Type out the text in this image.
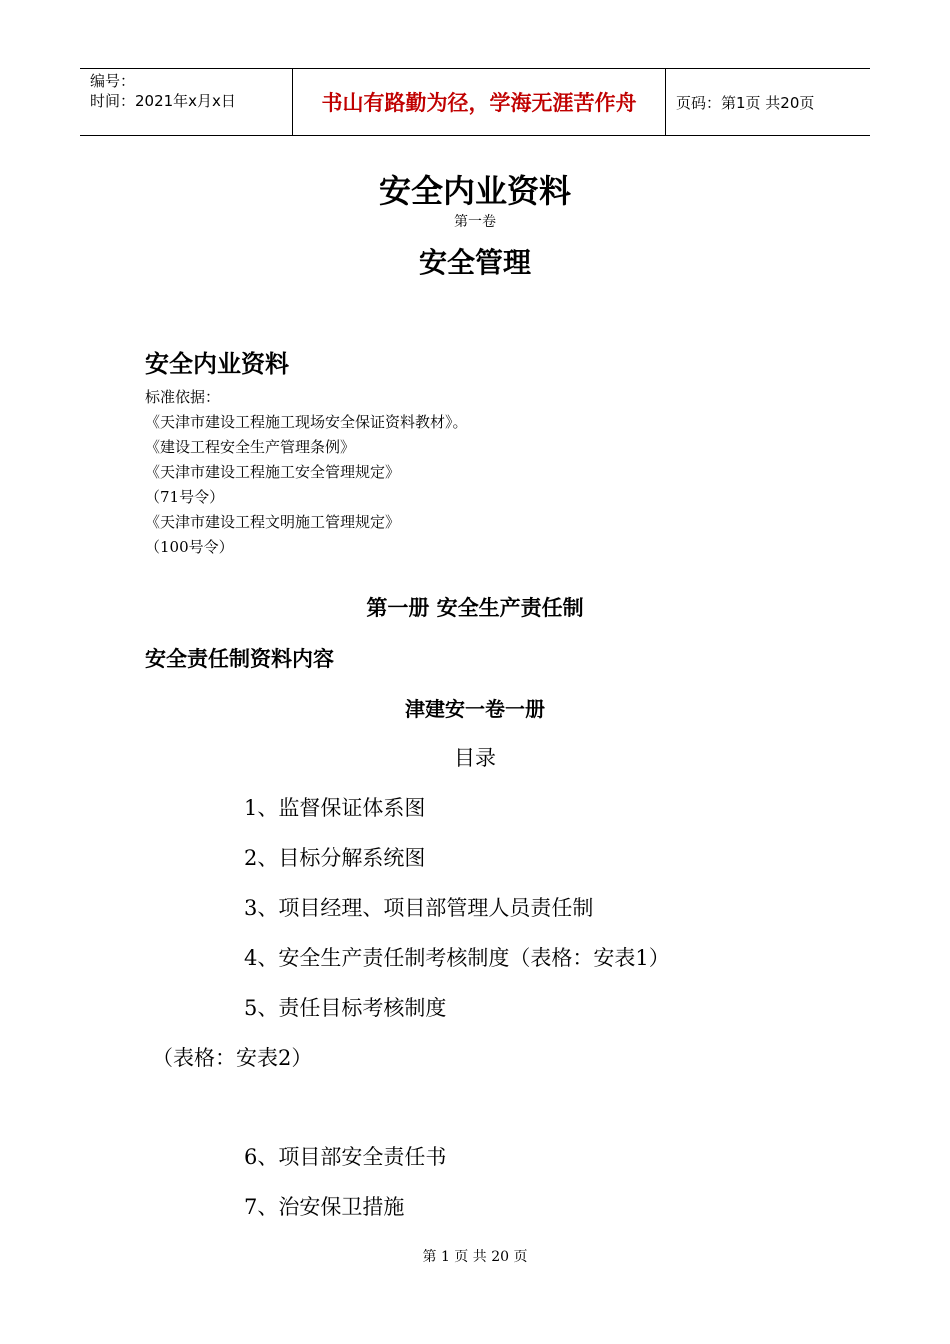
编号：
时间：2021年x月x日	书山有路勤为径，学海无涯苦作舟	页码：第1页 共20页
安全内业资料
第一卷
安全管理
安全内业资料
标准依据：
《天津市建设工程施工现场安全保证资料教材》。
《建设工程安全生产管理条例》
《天津市建设工程施工安全管理规定》
（71号令）
《天津市建设工程文明施工管理规定》
（100号令）
第一册 安全生产责任制
安全责任制资料内容
津建安一卷一册
目录
1、监督保证体系图
2、目标分解系统图
3、项目经理、项目部管理人员责任制
4、安全生产责任制考核制度（表格：安表1）
5、责任目标考核制度
（表格：安表2）
6、项目部安全责任书
7、治安保卫措施
第 1 页 共 20 页
